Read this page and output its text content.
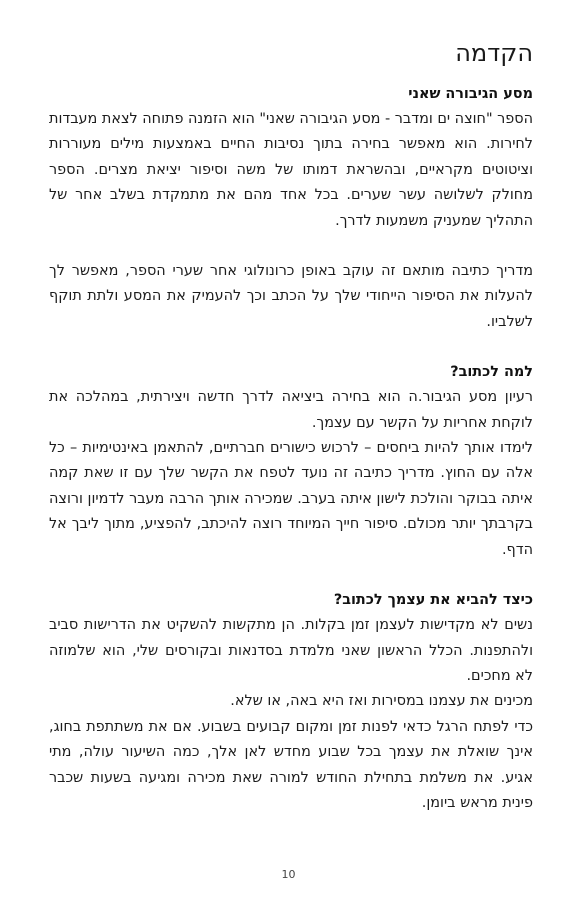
הקדמה
מסע הגיבורה שאני

הספר "חוצה ים ומדבר - מסע הגיבורה שאני" הוא הזמנה פתוחה לצאת מעבדות לחירות. הוא מאפשר בחירה בתוך נסיבות החיים באמצעות מילים מעוררות וציטוטים מקראיים, ובהשראת דמותו של משה וסיפור יציאת מצרים. הספר מחולק לשלושה עשר שערים. בכל אחד מהם את מתמקדת בשלב אחר של התהליך שמעניק משמעות לדרך.

מדריך כתיבה מותאם זה עוקב באופן כרונולוגי אחר שערי הספר, מאפשר לך להעלות את הסיפור הייחודי שלך על הכתב וכך להעמיק את המסע ולתת תוקף לשלביו.

למה לכתוב?

רעיון מסע הגיבור.ה הוא בחירה ביציאה לדרך חדשה ויצירתית, במהלכה את לוקחת אחריות על הקשר עם עצמך.

לימדו אותך להיות ביחסים – לרכוש כישורים חברתיים, להתאמן באינטימיות – כל אלה עם החוץ. מדריך כתיבה זה נועד לטפח את הקשר שלך עם זו שאת קמה איתה בבוקר והולכת לישון איתה בערב. שמכירה אותך הרבה מעבר לדמיון ורוצה בקרבתך יותר מכולם. סיפור חייך המיוחד רוצה להיכתב, להפציע, מתוך ליבך אל הדף.

כיצד להביא את עצמך לכתוב?

נשים לא מקדישות לעצמן זמן בקלות. הן מתקשות להשקיט את הדרישות סביב ולהתפנות. הכלל הראשון שאני מלמדת בסדנאות ובקורסים שלי, הוא שלמוזה לא מחכים.

מכינים את עצמנו במסירות ואז היא באה, או שלא.

כדי לפתח הרגל כדאי לפנות זמן ומקום קבועים בשבוע. אם את משתתפת בחוג, אינך שואלת את עצמך בכל שבוע מחדש לאן אלך, כמה השיעור עולה, מתי אגיע. את משלמת בתחילת החודש למורה שאת מכירה ומגיעה בשעות שכבר פינית מראש ביומן.

10
